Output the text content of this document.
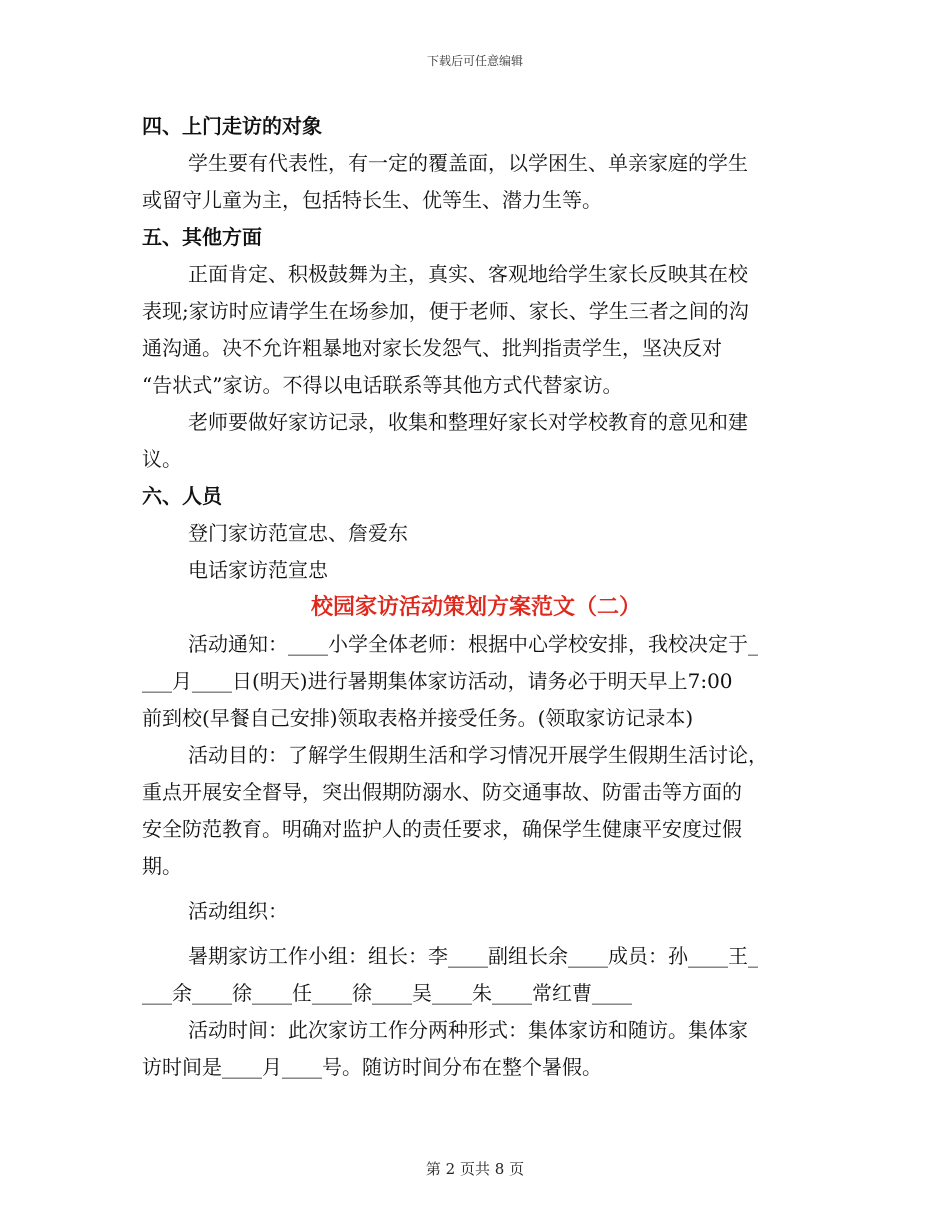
下载后可任意编辑
四、上门走访的对象
学生要有代表性，有一定的覆盖面，以学困生、单亲家庭的学生
或留守儿童为主，包括特长生、优等生、潜力生等。
五、其他方面
正面肯定、积极鼓舞为主，真实、客观地给学生家长反映其在校
表现;家访时应请学生在场参加，便于老师、家长、学生三者之间的沟
通沟通。决不允许粗暴地对家长发怨气、批判指责学生，坚决反对
“告状式”家访。不得以电话联系等其他方式代替家访。
老师要做好家访记录，收集和整理好家长对学校教育的意见和建
议。
六、人员
登门家访范宣忠、詹爱东
电话家访范宣忠
校园家访活动策划方案范文（二）
活动通知：____小学全体老师：根据中心学校安排，我校决定于_
___月____日(明天)进行暑期集体家访活动，请务必于明天早上7:00
前到校(早餐自己安排)领取表格并接受任务。(领取家访记录本)
活动目的：了解学生假期生活和学习情况开展学生假期生活讨论，
重点开展安全督导，突出假期防溺水、防交通事故、防雷击等方面的
安全防范教育。明确对监护人的责任要求，确保学生健康平安度过假
期。
活动组织：
暑期家访工作小组：组长：李____副组长余____成员：孙____王_
___余____徐____任____徐____吴____朱____常红曹____
活动时间：此次家访工作分两种形式：集体家访和随访。集体家
访时间是____月____号。随访时间分布在整个暑假。
第 2 页共 8 页
